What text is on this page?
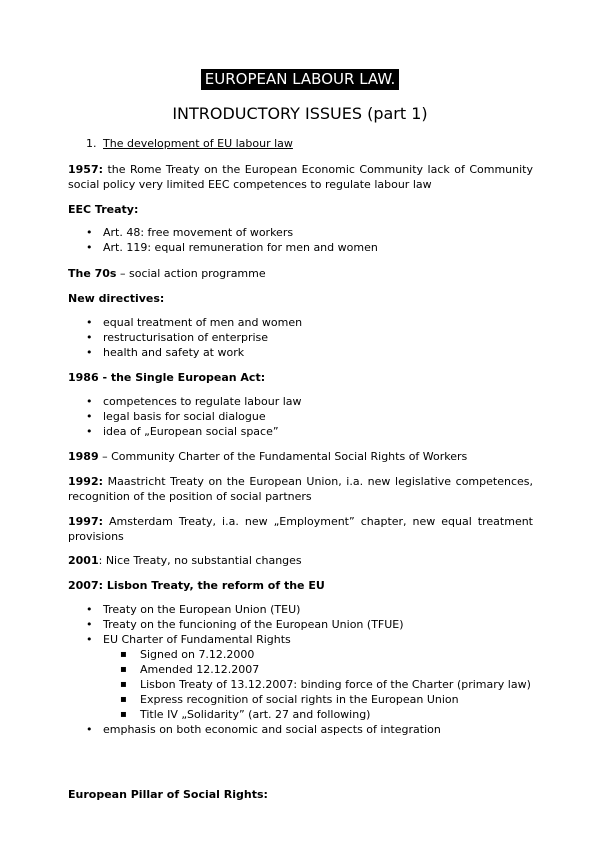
EUROPEAN LABOUR LAW.
INTRODUCTORY ISSUES (part 1)
1. The development of EU labour law
1957: the Rome Treaty on the European Economic Community lack of Community social policy very limited EEC competences to regulate labour law
EEC Treaty:
• Art. 48: free movement of workers
• Art. 119: equal remuneration for men and women
The 70s – social action programme
New directives:
• equal treatment of men and women
• restructurisation of enterprise
• health and safety at work
1986 - the Single European Act:
• competences to regulate labour law
• legal basis for social dialogue
• idea of „European social space”
1989 – Community Charter of the Fundamental Social Rights of Workers
1992: Maastricht Treaty on the European Union, i.a. new legislative competences, recognition of the position of social partners
1997: Amsterdam Treaty, i.a. new „Employment” chapter, new equal treatment provisions
2001: Nice Treaty, no substantial changes
2007: Lisbon Treaty, the reform of the EU
• Treaty on the European Union (TEU)
• Treaty on the funcioning of the European Union (TFUE)
• EU Charter of Fundamental Rights
▪ Signed on 7.12.2000
▪ Amended 12.12.2007
▪ Lisbon Treaty of 13.12.2007: binding force of the Charter (primary law)
▪ Express recognition of social rights in the European Union
▪ Title IV „Solidarity” (art. 27 and following)
• emphasis on both economic and social aspects of integration
European Pillar of Social Rights:
